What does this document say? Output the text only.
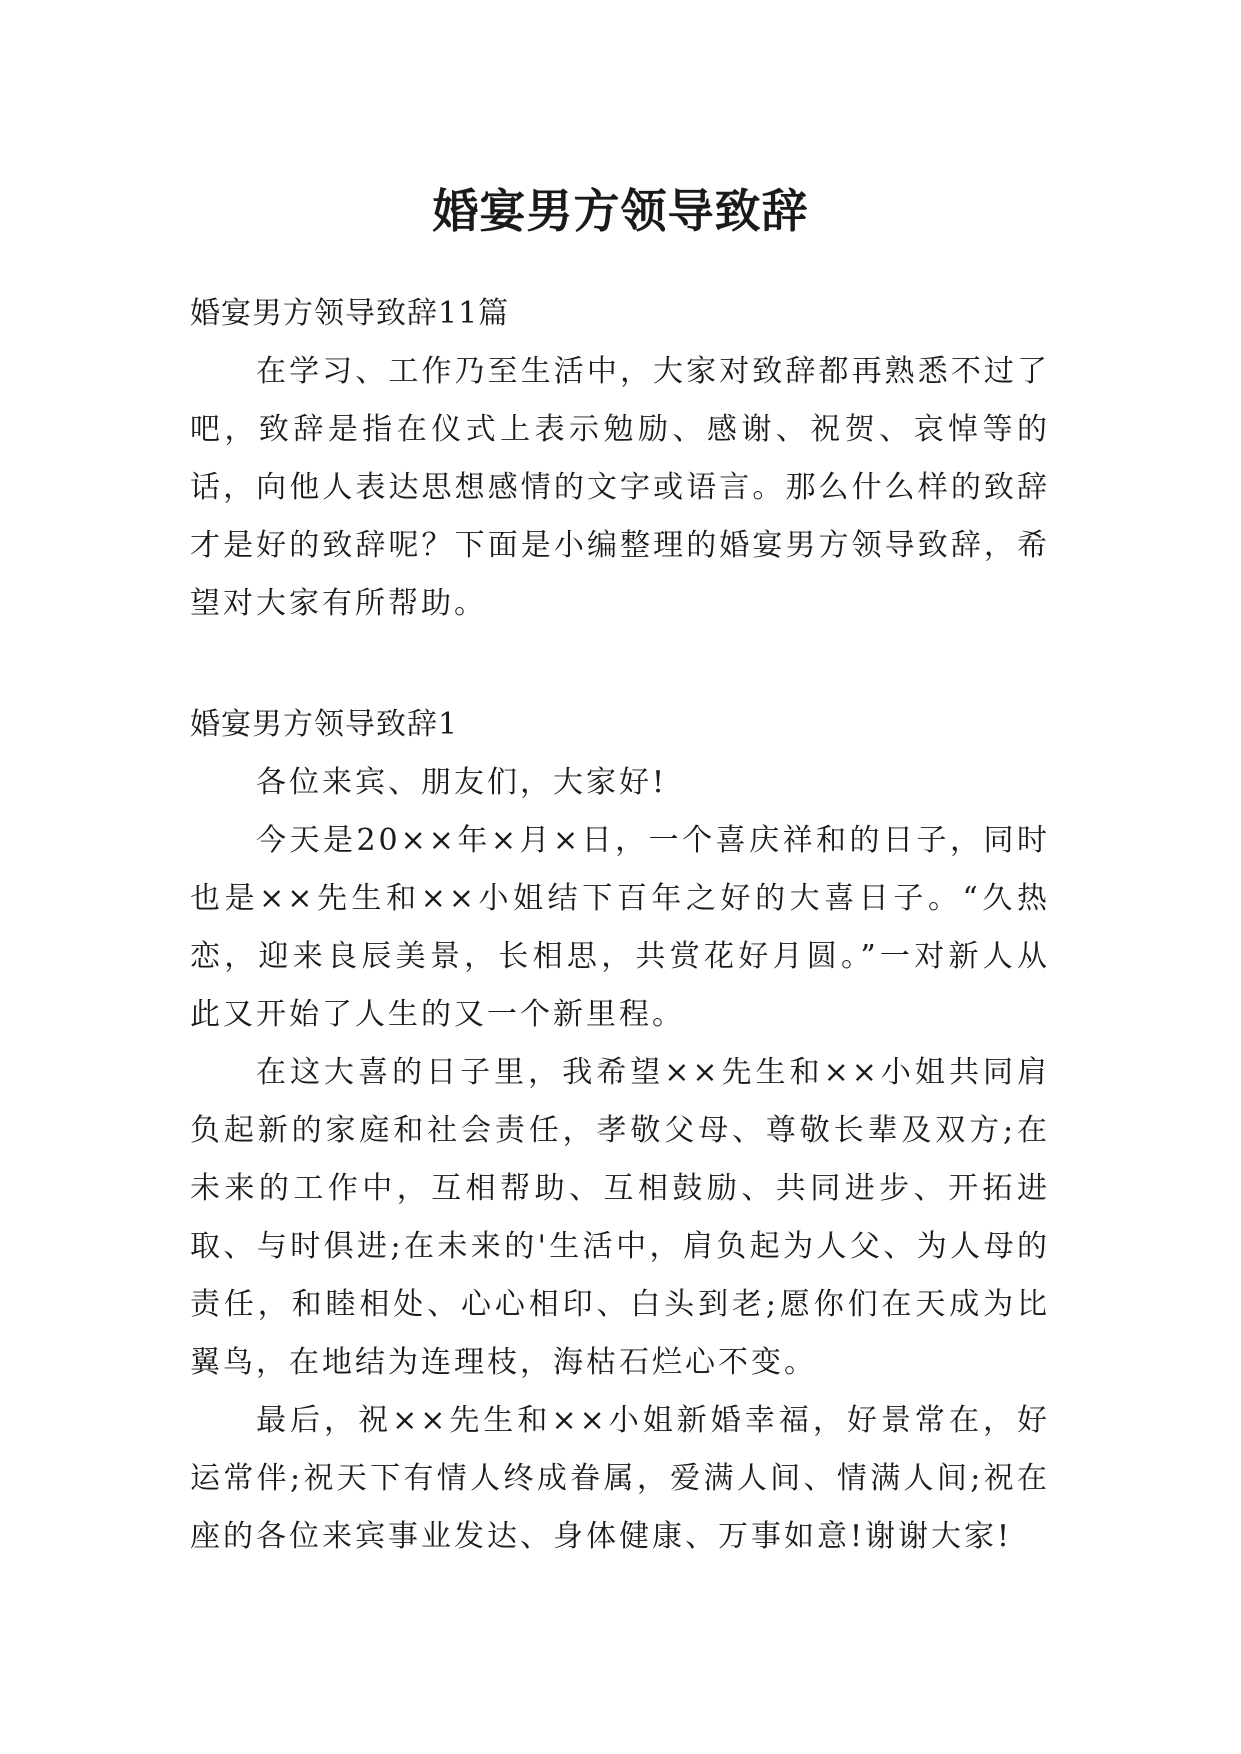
婚宴男方领导致辞

婚宴男方领导致辞11篇

在学习、工作乃至生活中，大家对致辞都再熟悉不过了吧，致辞是指在仪式上表示勉励、感谢、祝贺、哀悼等的话，向他人表达思想感情的文字或语言。那么什么样的致辞才是好的致辞呢？下面是小编整理的婚宴男方领导致辞，希望对大家有所帮助。

婚宴男方领导致辞1

各位来宾、朋友们，大家好!

今天是20××年×月×日，一个喜庆祥和的日子，同时也是××先生和××小姐结下百年之好的大喜日子。“久热恋，迎来良辰美景，长相思，共赏花好月圆。”一对新人从此又开始了人生的又一个新里程。

在这大喜的日子里，我希望××先生和××小姐共同肩负起新的家庭和社会责任，孝敬父母、尊敬长辈及双方;在未来的工作中，互相帮助、互相鼓励、共同进步、开拓进取、与时俱进;在未来的'生活中，肩负起为人父、为人母的责任，和睦相处、心心相印、白头到老;愿你们在天成为比翼鸟，在地结为连理枝，海枯石烂心不变。

最后，祝××先生和××小姐新婚幸福，好景常在，好运常伴;祝天下有情人终成眷属，爱满人间、情满人间;祝在座的各位来宾事业发达、身体健康、万事如意!谢谢大家!
